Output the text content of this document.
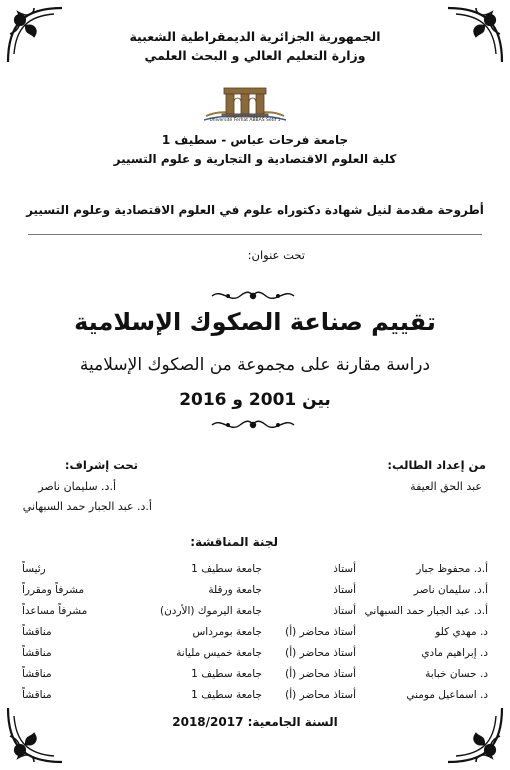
الجمهورية الجزائرية الديمقراطية الشعبية
وزارة التعليم العالي و البحث العلمي
Université Ferhat ABBAS Sétif 1
جامعة فرحات عباس - سطيف 1
كلية العلوم الاقتصادية و التجارية و علوم التسيير
أطروحة مقدمة لنيل شهادة دكتوراه علوم في العلوم الاقتصادية وعلوم التسيير
تحت عنوان:
تقييم صناعة الصكوك الإسلامية
دراسة مقارنة على مجموعة من الصكوك الإسلامية
بين 2001 و 2016
من إعداد الطالب:
عبد الحق العيفة
تحت إشراف:
أ.د. سليمان ناصر
أ.د. عبد الجبار حمد السبهاني
لجنة المناقشة:
أ.د. محفوظ جبار
أستاذ
جامعة سطيف 1
رئيساً
أ.د. سليمان ناصر
أستاذ
جامعة ورقلة
مشرفاً ومقرراً
أ.د. عبد الجبار حمد السبهاني
أستاذ
جامعة اليرموك (الأردن)
مشرفاً مساعداً
د. مهدي كلو
أستاذ محاضر (أ)
جامعة بومرداس
مناقشاً
د. إبراهيم مادي
أستاذ محاضر (أ)
جامعة خميس مليانة
مناقشاً
د. حسان خبابة
أستاذ محاضر (أ)
جامعة سطيف 1
مناقشاً
د. اسماعيل مومني
أستاذ محاضر (أ)
جامعة سطيف 1
مناقشاً
السنة الجامعية: 2018/2017
